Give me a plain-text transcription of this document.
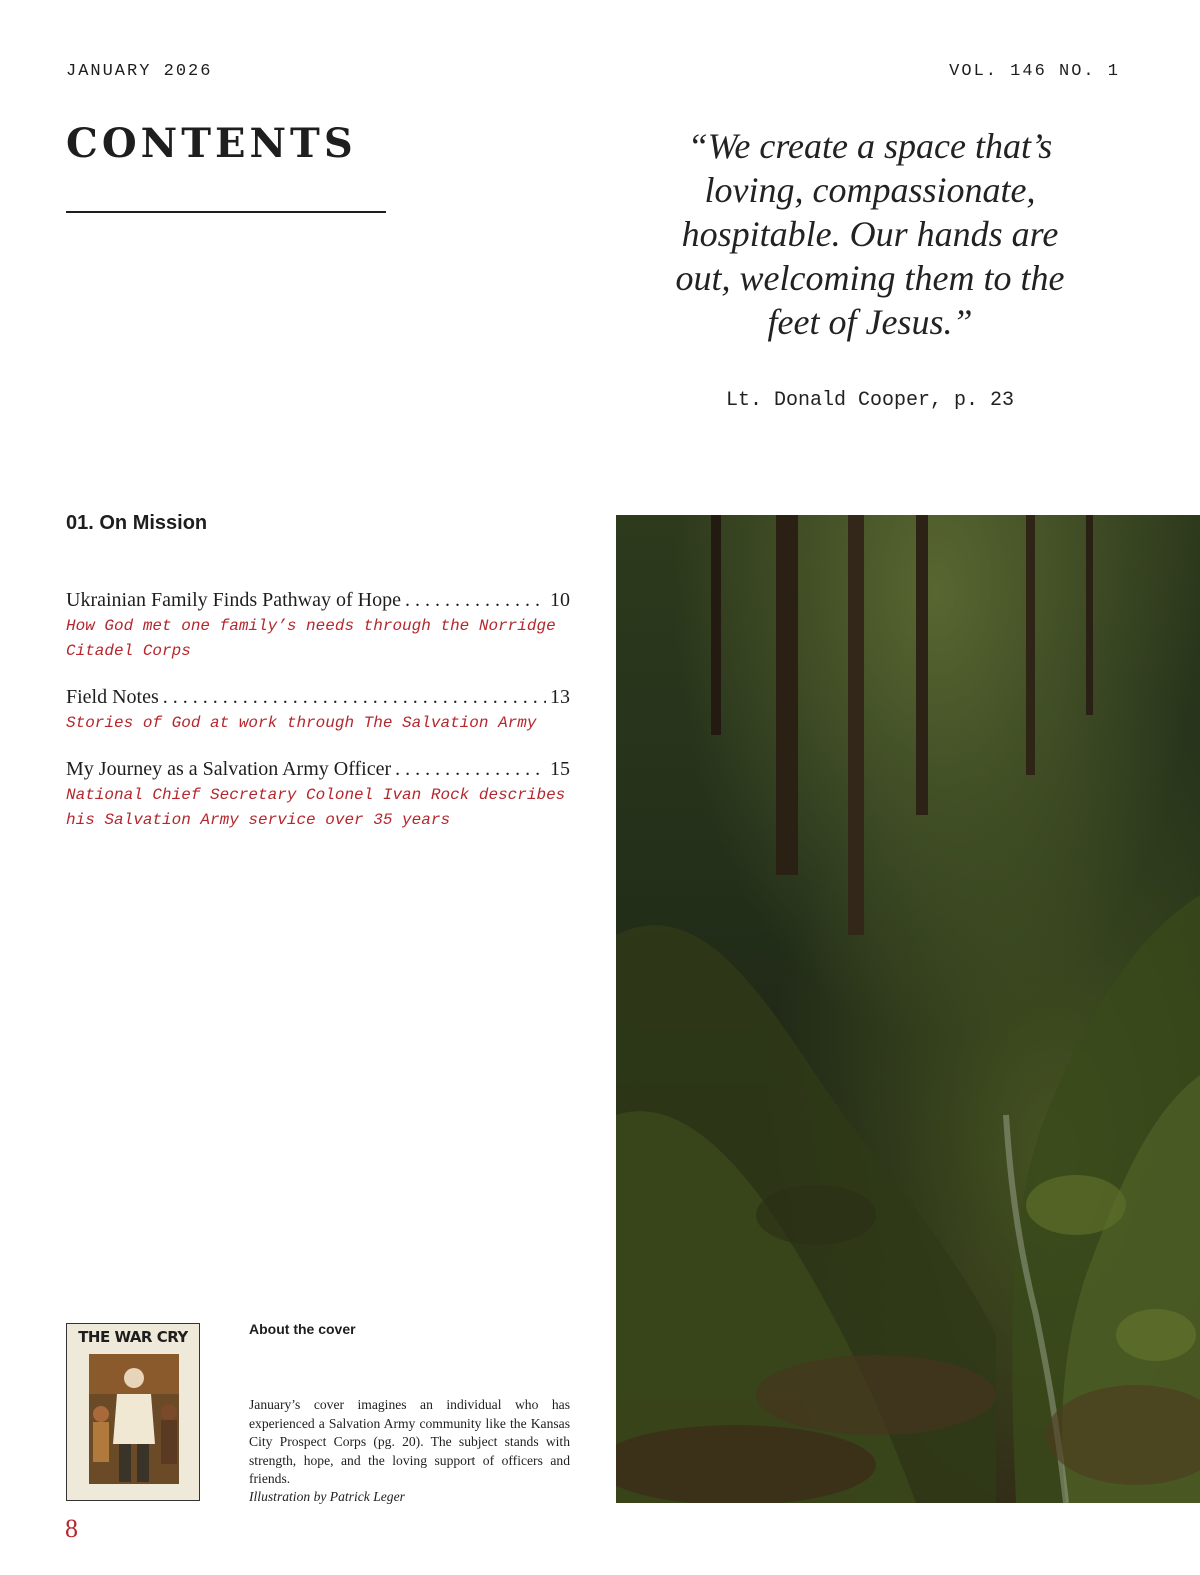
JANUARY 2026	VOL. 146 NO. 1
CONTENTS	“We create a space that’s loving, compassionate, hospitable. Our hands are out, welcoming them to the feet of Jesus.”
Lt. Donald Cooper, p. 23
01. On Mission
Ukrainian Family Finds Pathway of Hope . . .	10
How God met one family’s needs through the Norridge Citadel Corps
Field Notes . . .	13
Stories of God at work through The Salvation Army
My Journey as a Salvation Army Officer . . .	15
National Chief Secretary Colonel Ivan Rock describes his Salvation Army service over 35 years
THE WAR CRY	About the cover
January’s cover imagines an individual who has experienced a Salvation Army community like the Kansas City Prospect Corps (pg. 20). The subject stands with strength, hope, and the loving support of officers and friends.
Illustration by Patrick Leger
8
